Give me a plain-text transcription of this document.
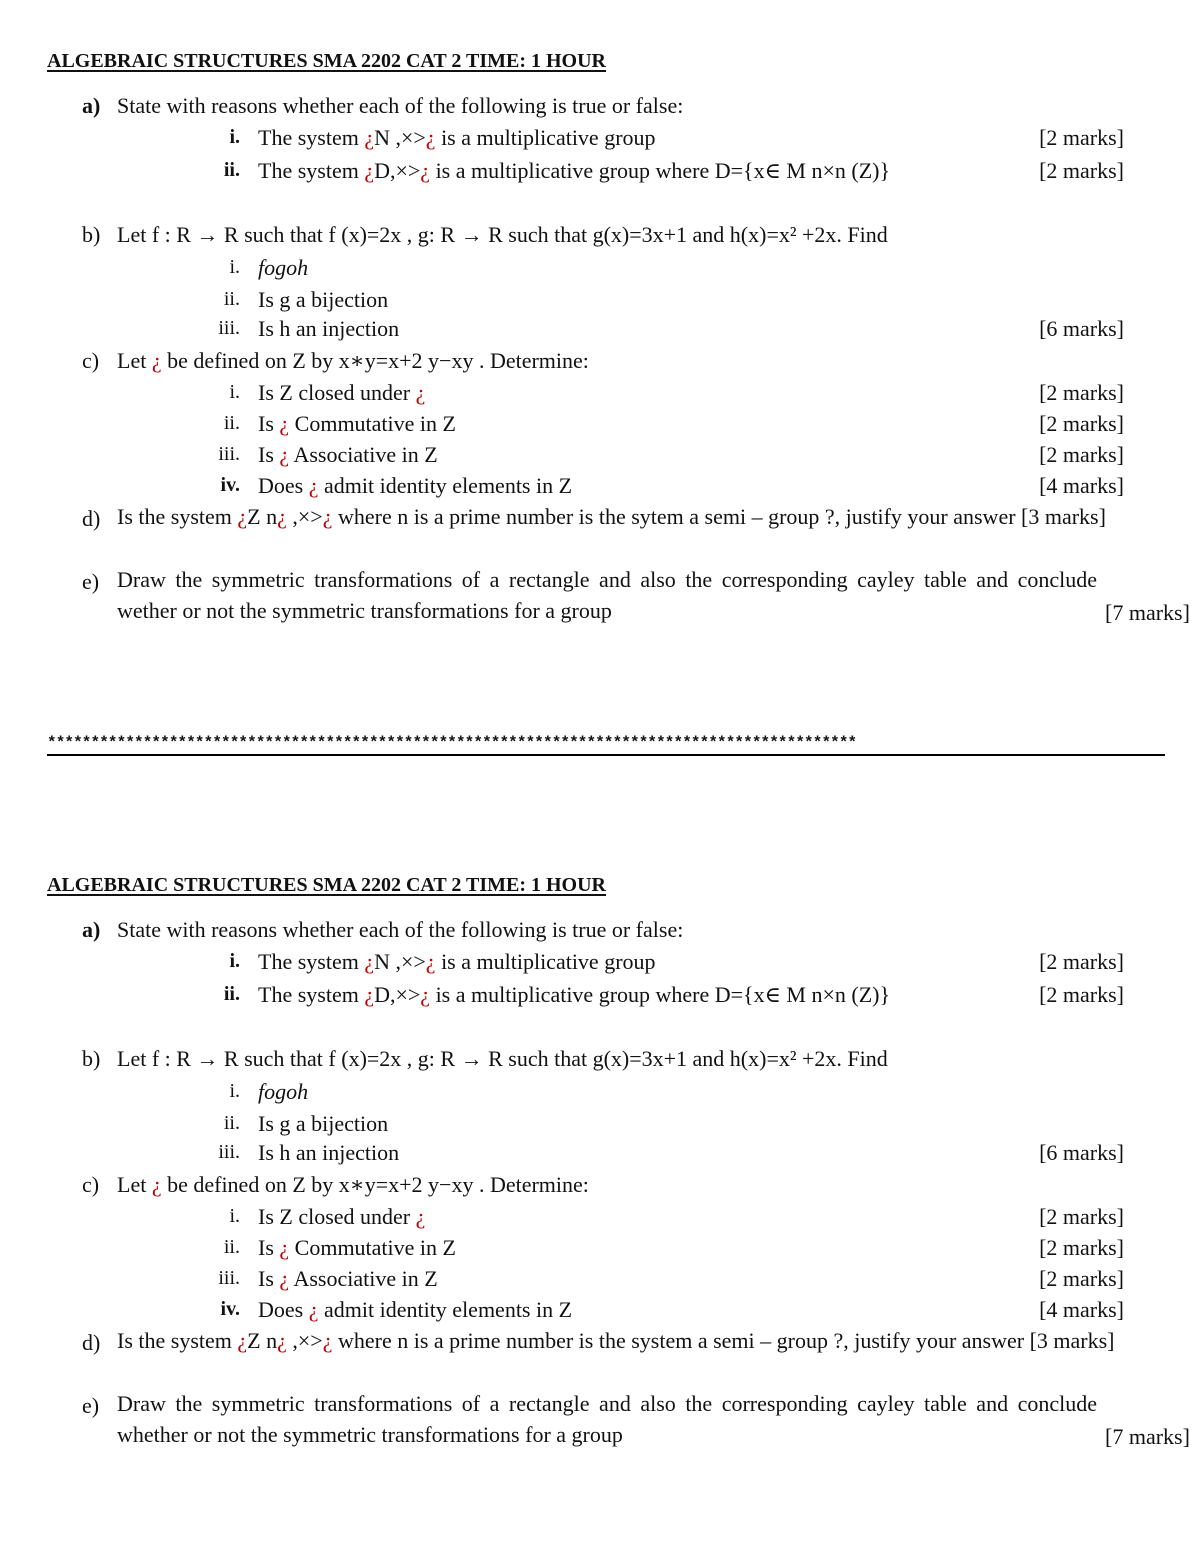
ALGEBRAIC STRUCTURES SMA 2202 CAT 2 TIME: 1 HOUR
a) State with reasons whether each of the following is true or false:
i. The system ¿N ,×>¿ is a multiplicative group	[2 marks]
ii. The system ¿D,×>¿ is a multiplicative group where D={x∈ M n×n (Z)}	[2 marks]
b) Let f : R → R such that f (x)=2x , g: R → R such that g(x)=3x+1 and h(x)=x² +2x. Find
i. fogoh
ii. Is g a bijection
iii. Is h an injection	[6 marks]
c) Let ¿ be defined on Z by x∗y=x+2 y−xy . Determine:
i. Is Z closed under ¿	[2 marks]
ii. Is ¿ Commutative in Z	[2 marks]
iii. Is ¿ Associative in Z	[2 marks]
iv. Does ¿ admit identity elements in Z	[4 marks]
d) Is the system ¿Z n¿ ,×>¿ where n is a prime number is the sytem a semi – group ?, justify your answer [3 marks]
e) Draw the symmetric transformations of a rectangle and also the corresponding cayley table and conclude wether or not the symmetric transformations for a group	[7 marks]
*********************************************************************************************
ALGEBRAIC STRUCTURES SMA 2202 CAT 2 TIME: 1 HOUR
a) State with reasons whether each of the following is true or false:
i. The system ¿N ,×>¿ is a multiplicative group	[2 marks]
ii. The system ¿D,×>¿ is a multiplicative group where D={x∈ M n×n (Z)}	[2 marks]
b) Let f : R → R such that f (x)=2x , g: R → R such that g(x)=3x+1 and h(x)=x² +2x. Find
i. fogoh
ii. Is g a bijection
iii. Is h an injection	[6 marks]
c) Let ¿ be defined on Z by x∗y=x+2 y−xy . Determine:
i. Is Z closed under ¿	[2 marks]
ii. Is ¿ Commutative in Z	[2 marks]
iii. Is ¿ Associative in Z	[2 marks]
iv. Does ¿ admit identity elements in Z	[4 marks]
d) Is the system ¿Z n¿ ,×>¿ where n is a prime number is the system a semi – group ?, justify your answer [3 marks]
e) Draw the symmetric transformations of a rectangle and also the corresponding cayley table and conclude whether or not the symmetric transformations for a group	[7 marks]
